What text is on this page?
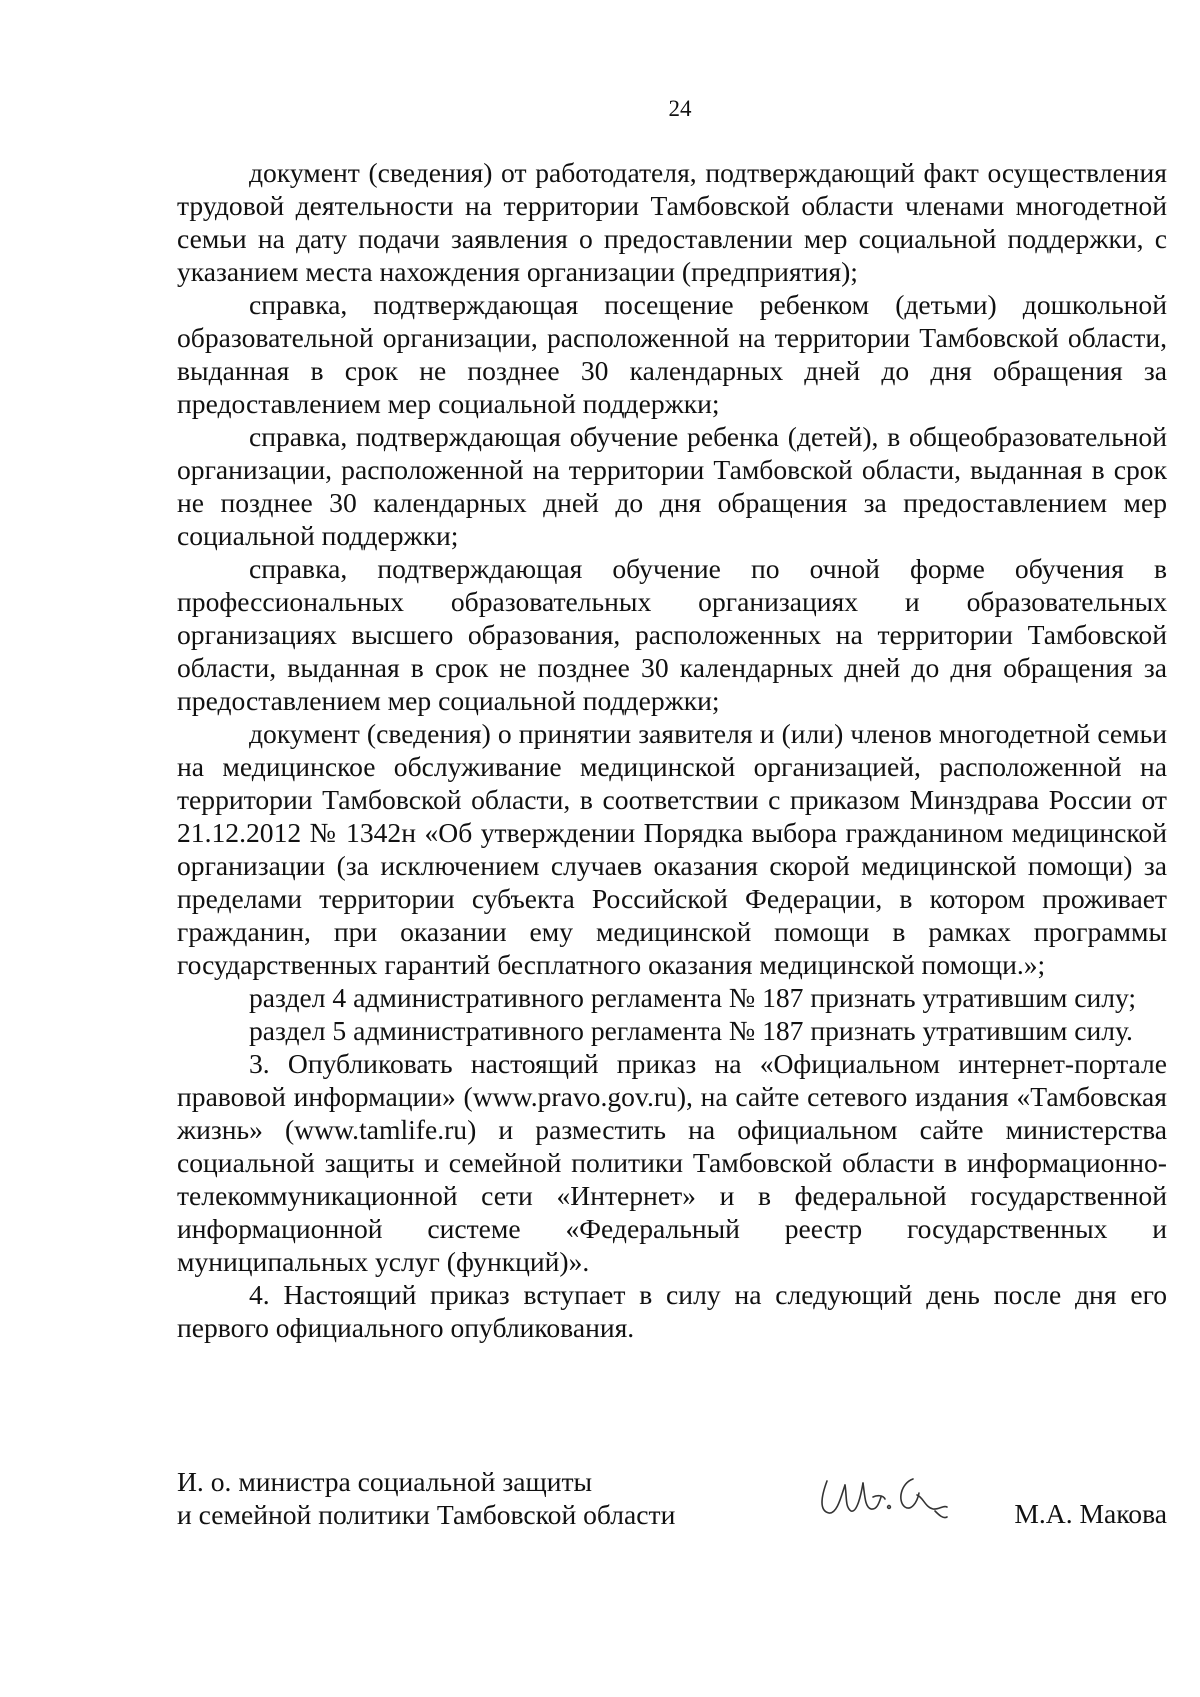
24

документ (сведения) от работодателя, подтверждающий факт осуществления трудовой деятельности на территории Тамбовской области членами многодетной семьи на дату подачи заявления о предоставлении мер социальной поддержки, с указанием места нахождения организации (предприятия);

справка, подтверждающая посещение ребенком (детьми) дошкольной образовательной организации, расположенной на территории Тамбовской области, выданная в срок не позднее 30 календарных дней до дня обращения за предоставлением мер социальной поддержки;

справка, подтверждающая обучение ребенка (детей), в общеобразовательной организации, расположенной на территории Тамбовской области, выданная в срок не позднее 30 календарных дней до дня обращения за предоставлением мер социальной поддержки;

справка, подтверждающая обучение по очной форме обучения в профессиональных образовательных организациях и образовательных организациях высшего образования, расположенных на территории Тамбовской области, выданная в срок не позднее 30 календарных дней до дня обращения за предоставлением мер социальной поддержки;

документ (сведения) о принятии заявителя и (или) членов многодетной семьи на медицинское обслуживание медицинской организацией, расположенной на территории Тамбовской области, в соответствии с приказом Минздрава России от 21.12.2012 № 1342н «Об утверждении Порядка выбора гражданином медицинской организации (за исключением случаев оказания скорой медицинской помощи) за пределами территории субъекта Российской Федерации, в котором проживает гражданин, при оказании ему медицинской помощи в рамках программы государственных гарантий бесплатного оказания медицинской помощи.»;

раздел 4 административного регламента № 187 признать утратившим силу;

раздел 5 административного регламента № 187 признать утратившим силу.

3. Опубликовать настоящий приказ на «Официальном интернет-портале правовой информации» (www.pravo.gov.ru), на сайте сетевого издания «Тамбовская жизнь» (www.tamlife.ru) и разместить на официальном сайте министерства социальной защиты и семейной политики Тамбовской области в информационно-телекоммуникационной сети «Интернет» и в федеральной государственной информационной системе «Федеральный реестр государственных и муниципальных услуг (функций)».

4. Настоящий приказ вступает в силу на следующий день после дня его первого официального опубликования.

И. о. министра социальной защиты
и семейной политики Тамбовской области	М.А. Макова
